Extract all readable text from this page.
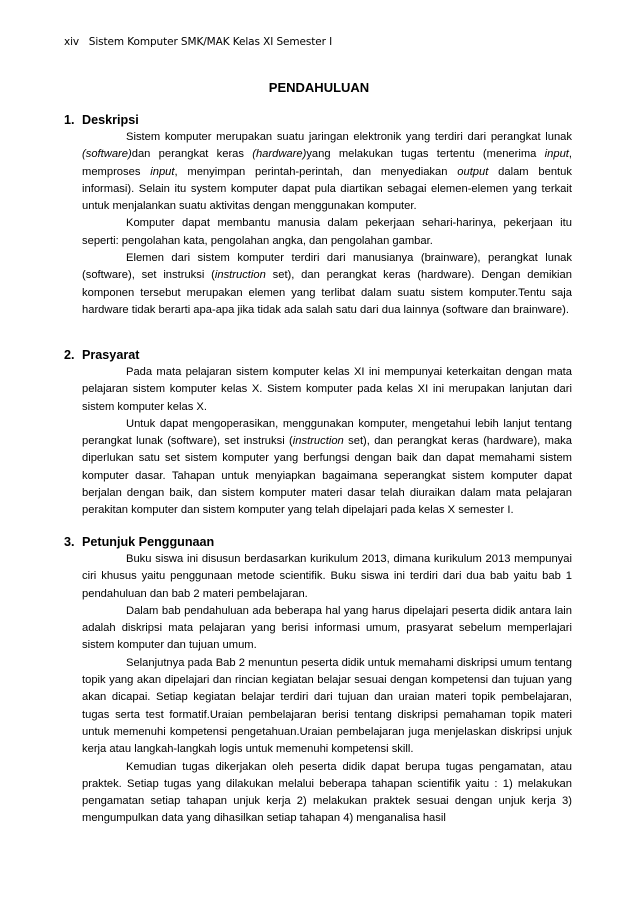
xiv Sistem Komputer SMK/MAK Kelas XI Semester I
PENDAHULUAN
1. Deskripsi

Sistem komputer merupakan suatu jaringan elektronik yang terdiri dari perangkat lunak (software)dan perangkat keras (hardware)yang melakukan tugas tertentu (menerima input, memproses input, menyimpan perintah-perintah, dan menyediakan output dalam bentuk informasi). Selain itu system komputer dapat pula diartikan sebagai elemen-elemen yang terkait untuk menjalankan suatu aktivitas dengan menggunakan komputer.

Komputer dapat membantu manusia dalam pekerjaan sehari-harinya, pekerjaan itu seperti: pengolahan kata, pengolahan angka, dan pengolahan gambar.

Elemen dari sistem komputer terdiri dari manusianya (brainware), perangkat lunak (software), set instruksi (instruction set), dan perangkat keras (hardware). Dengan demikian komponen tersebut merupakan elemen yang terlibat dalam suatu sistem komputer.Tentu saja hardware tidak berarti apa-apa jika tidak ada salah satu dari dua lainnya (software dan brainware).

2. Prasyarat

Pada mata pelajaran sistem komputer kelas XI ini mempunyai keterkaitan dengan mata pelajaran sistem komputer kelas X. Sistem komputer pada kelas XI ini merupakan lanjutan dari sistem komputer kelas X.

Untuk dapat mengoperasikan, menggunakan komputer, mengetahui lebih lanjut tentang perangkat lunak (software), set instruksi (instruction set), dan perangkat keras (hardware), maka diperlukan satu set sistem komputer yang berfungsi dengan baik dan dapat memahami sistem komputer dasar. Tahapan untuk menyiapkan bagaimana seperangkat sistem komputer dapat berjalan dengan baik, dan sistem komputer materi dasar telah diuraikan dalam mata pelajaran perakitan komputer dan sistem komputer yang telah dipelajari pada kelas X semester I.

3. Petunjuk Penggunaan

Buku siswa ini disusun berdasarkan kurikulum 2013, dimana kurikulum 2013 mempunyai ciri khusus yaitu penggunaan metode scientifik. Buku siswa ini terdiri dari dua bab yaitu bab 1 pendahuluan dan bab 2 materi pembelajaran.

Dalam bab pendahuluan ada beberapa hal yang harus dipelajari peserta didik antara lain adalah diskripsi mata pelajaran yang berisi informasi umum, prasyarat sebelum memperlajari sistem komputer dan tujuan umum.

Selanjutnya pada Bab 2 menuntun peserta didik untuk memahami diskripsi umum tentang topik yang akan dipelajari dan rincian kegiatan belajar sesuai dengan kompetensi dan tujuan yang akan dicapai. Setiap kegiatan belajar terdiri dari tujuan dan uraian materi topik pembelajaran, tugas serta test formatif.Uraian pembelajaran berisi tentang diskripsi pemahaman topik materi untuk memenuhi kompetensi pengetahuan.Uraian pembelajaran juga menjelaskan diskripsi unjuk kerja atau langkah-langkah logis untuk memenuhi kompetensi skill.

Kemudian tugas dikerjakan oleh peserta didik dapat berupa tugas pengamatan, atau praktek. Setiap tugas yang dilakukan melalui beberapa tahapan scientifik yaitu : 1) melakukan pengamatan setiap tahapan unjuk kerja 2) melakukan praktek sesuai dengan unjuk kerja 3) mengumpulkan data yang dihasilkan setiap tahapan 4) menganalisa hasil
